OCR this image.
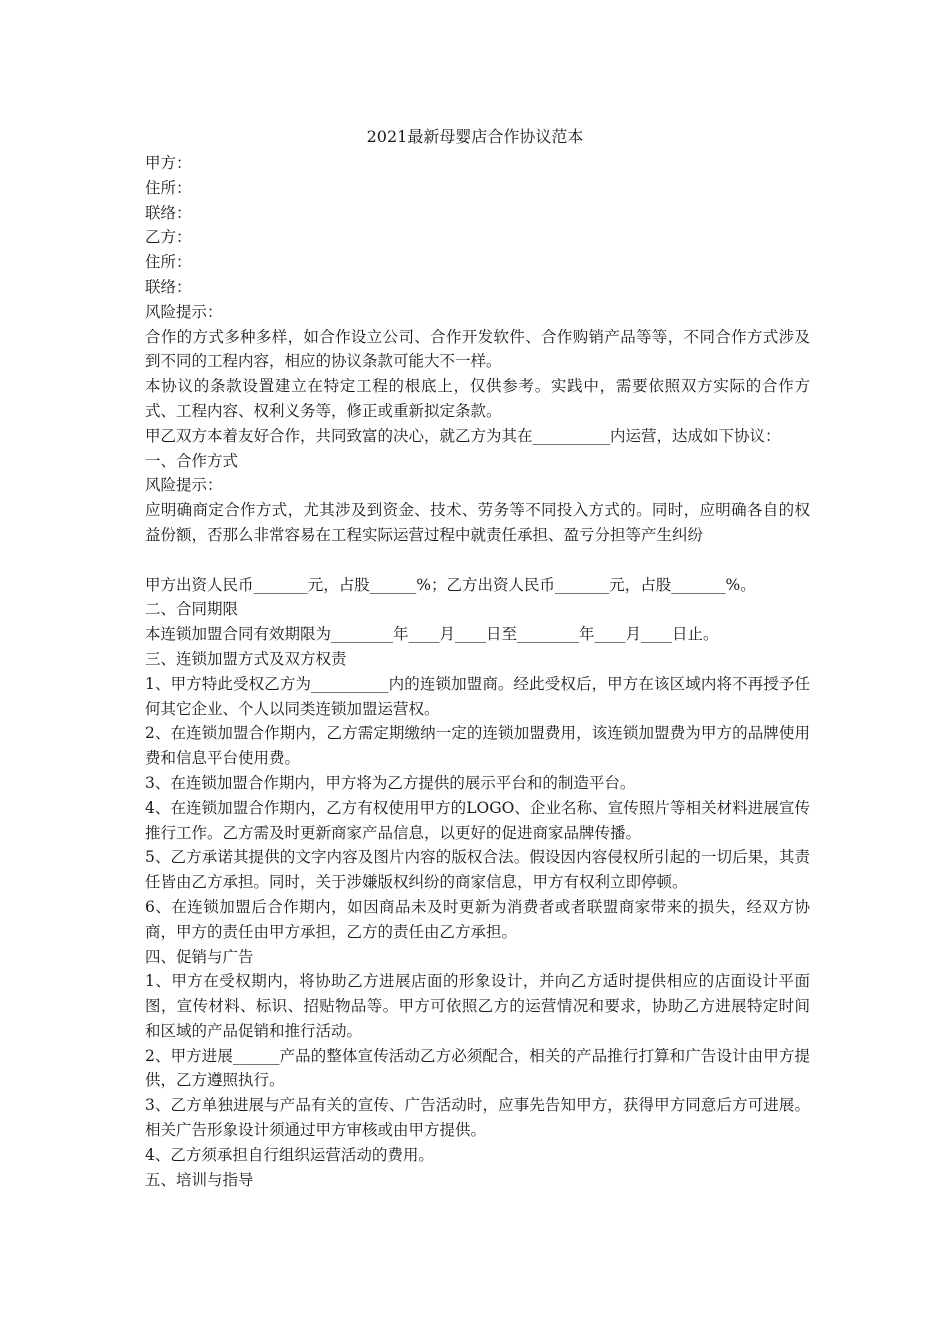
2021最新母婴店合作协议范本
甲方：
住所：
联络：
乙方：
住所：
联络：
风险提示：
合作的方式多种多样，如合作设立公司、合作开发软件、合作购销产品等等，不同合作方式涉及到不同的工程内容，相应的协议条款可能大不一样。
本协议的条款设置建立在特定工程的根底上，仅供参考。实践中，需要依照双方实际的合作方式、工程内容、权利义务等，修正或重新拟定条款。
甲乙双方本着友好合作，共同致富的决心，就乙方为其在__________内运营，达成如下协议：
一、合作方式
风险提示：
应明确商定合作方式，尤其涉及到资金、技术、劳务等不同投入方式的。同时，应明确各自的权益份额，否那么非常容易在工程实际运营过程中就责任承担、盈亏分担等产生纠纷
甲方出资人民币_______元，占股______%；乙方出资人民币_______元，占股_______%。
二、合同期限
本连锁加盟合同有效期限为________年____月____日至________年____月____日止。
三、连锁加盟方式及双方权责
1、甲方特此受权乙方为__________内的连锁加盟商。经此受权后，甲方在该区域内将不再授予任何其它企业、个人以同类连锁加盟运营权。
2、在连锁加盟合作期内，乙方需定期缴纳一定的连锁加盟费用，该连锁加盟费为甲方的品牌使用费和信息平台使用费。
3、在连锁加盟合作期内，甲方将为乙方提供的展示平台和的制造平台。
4、在连锁加盟合作期内，乙方有权使用甲方的LOGO、企业名称、宣传照片等相关材料进展宣传推行工作。乙方需及时更新商家产品信息，以更好的促进商家品牌传播。
5、乙方承诺其提供的文字内容及图片内容的版权合法。假设因内容侵权所引起的一切后果，其责任皆由乙方承担。同时，关于涉嫌版权纠纷的商家信息，甲方有权利立即停顿。
6、在连锁加盟后合作期内，如因商品未及时更新为消费者或者联盟商家带来的损失，经双方协商，甲方的责任由甲方承担，乙方的责任由乙方承担。
四、促销与广告
1、甲方在受权期内，将协助乙方进展店面的形象设计，并向乙方适时提供相应的店面设计平面图，宣传材料、标识、招贴物品等。甲方可依照乙方的运营情况和要求，协助乙方进展特定时间和区域的产品促销和推行活动。
2、甲方进展______产品的整体宣传活动乙方必须配合，相关的产品推行打算和广告设计由甲方提供，乙方遵照执行。
3、乙方单独进展与产品有关的宣传、广告活动时，应事先告知甲方，获得甲方同意后方可进展。相关广告形象设计须通过甲方审核或由甲方提供。
4、乙方须承担自行组织运营活动的费用。
五、培训与指导
